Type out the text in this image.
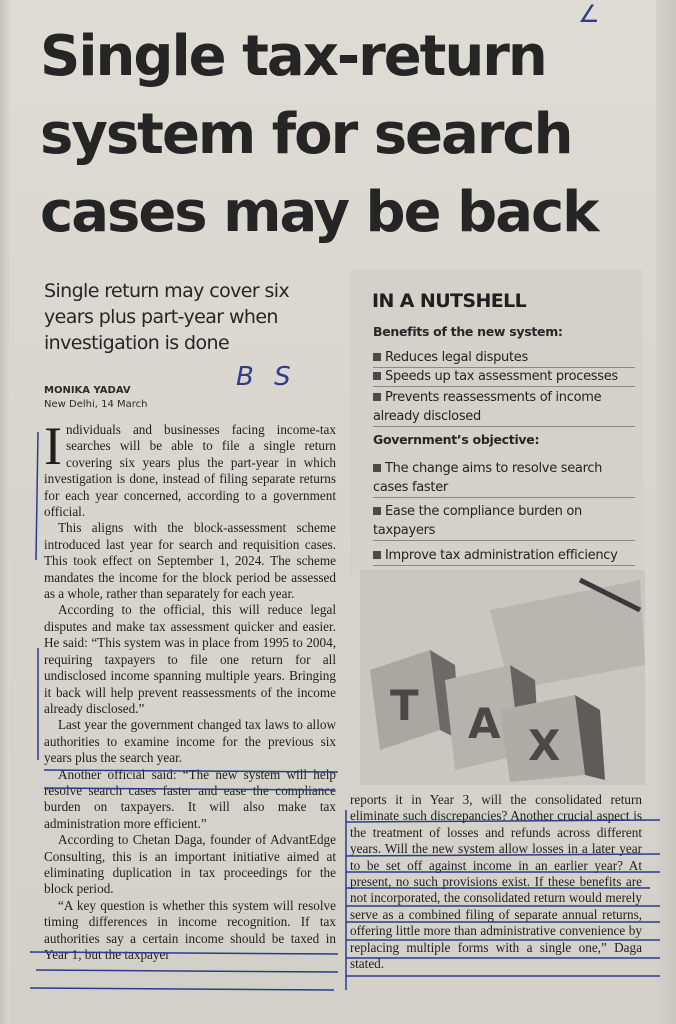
∠
Single tax-return
system for search
cases may be back
Single return may cover six
years plus part-year when
investigation is done
B S
MONIKA YADAV
New Delhi, 14 March

Individuals and businesses facing income-tax searches will be able to file a single return covering six years plus the part-year in which investigation is done, instead of filing separate returns for each year concerned, according to a government official.

This aligns with the block-assessment scheme introduced last year for search and requisition cases. This took effect on September 1, 2024. The scheme mandates the income for the block period be assessed as a whole, rather than separately for each year.

According to the official, this will reduce legal disputes and make tax assessment quicker and easier. He said: “This system was in place from 1995 to 2004, requiring taxpayers to file one return for all undisclosed income spanning multiple years. Bringing it back will help prevent reassessments of the income already disclosed.”

Last year the government changed tax laws to allow authorities to examine income for the previous six years plus the search year.

Another official said: “The new system will help resolve search cases faster and ease the compliance burden on taxpayers. It will also make tax administration more efficient.”

According to Chetan Daga, founder of AdvantEdge Consulting, this is an important initiative aimed at eliminating duplication in tax proceedings for the block period.

“A key question is whether this system will resolve timing differences in income recognition. If tax authorities say a certain income should be taxed in Year 1, but the taxpayer

reports it in Year 3, will the consolidated return eliminate such discrepancies? Another crucial aspect is the treatment of losses and refunds across different years. Will the new system allow losses in a later year to be set off against income in an earlier year? At present, no such provisions exist. If these benefits are not incorporated, the consolidated return would merely serve as a combined filing of separate annual returns, offering little more than administrative convenience by replacing multiple forms with a single one,” Daga stated.

IN A NUTSHELL
Benefits of the new system:
Reduces legal disputes
Speeds up tax assessment processes
Prevents reassessments of income already disclosed
Government’s objective:
The change aims to resolve search cases faster
Ease the compliance burden on taxpayers
Improve tax administration efficiency
T A X
